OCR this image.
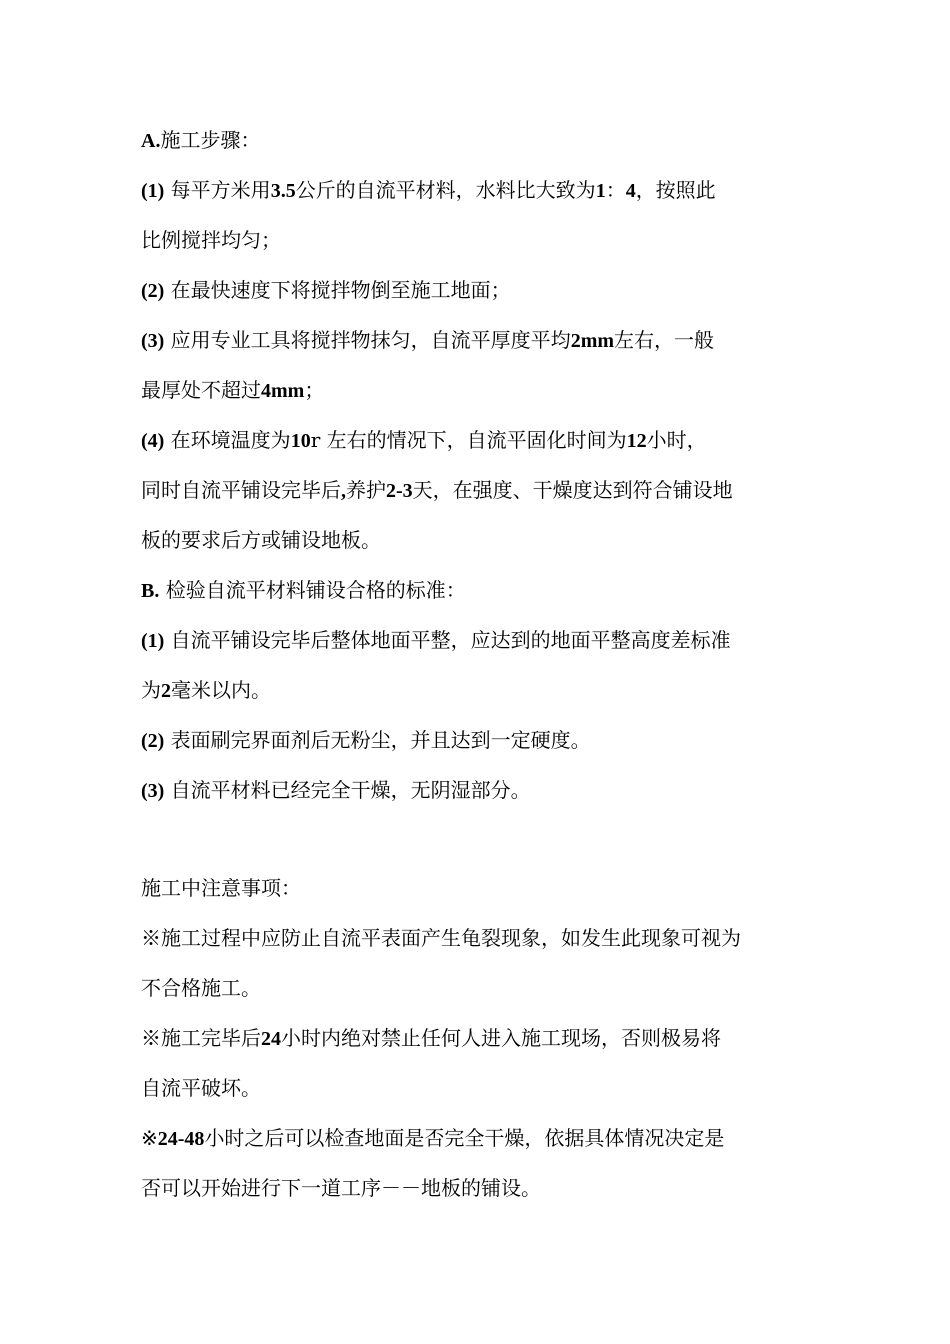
A.施工步骤：
(1) 每平方米用3.5公斤的自流平材料，水料比大致为1：4，按照此
比例搅拌均匀；
(2) 在最快速度下将搅拌物倒至施工地面；
(3) 应用专业工具将搅拌物抹匀，自流平厚度平均2mm左右，一般
最厚处不超过4mm；
(4) 在环境温度为10r 左右的情况下，自流平固化时间为12小时，
同时自流平铺设完毕后,养护2-3天，在强度、干燥度达到符合铺设地
板的要求后方或铺设地板。
B. 检验自流平材料铺设合格的标准：
(1) 自流平铺设完毕后整体地面平整，应达到的地面平整高度差标准
为2毫米以内。
(2) 表面刷完界面剂后无粉尘，并且达到一定硬度。
(3) 自流平材料已经完全干燥，无阴湿部分。
施工中注意事项：
※施工过程中应防止自流平表面产生龟裂现象，如发生此现象可视为
不合格施工。
※施工完毕后24小时内绝对禁止任何人进入施工现场，否则极易将
自流平破坏。
※24-48小时之后可以检查地面是否完全干燥，依据具体情况决定是
否可以开始进行下一道工序－－地板的铺设。
